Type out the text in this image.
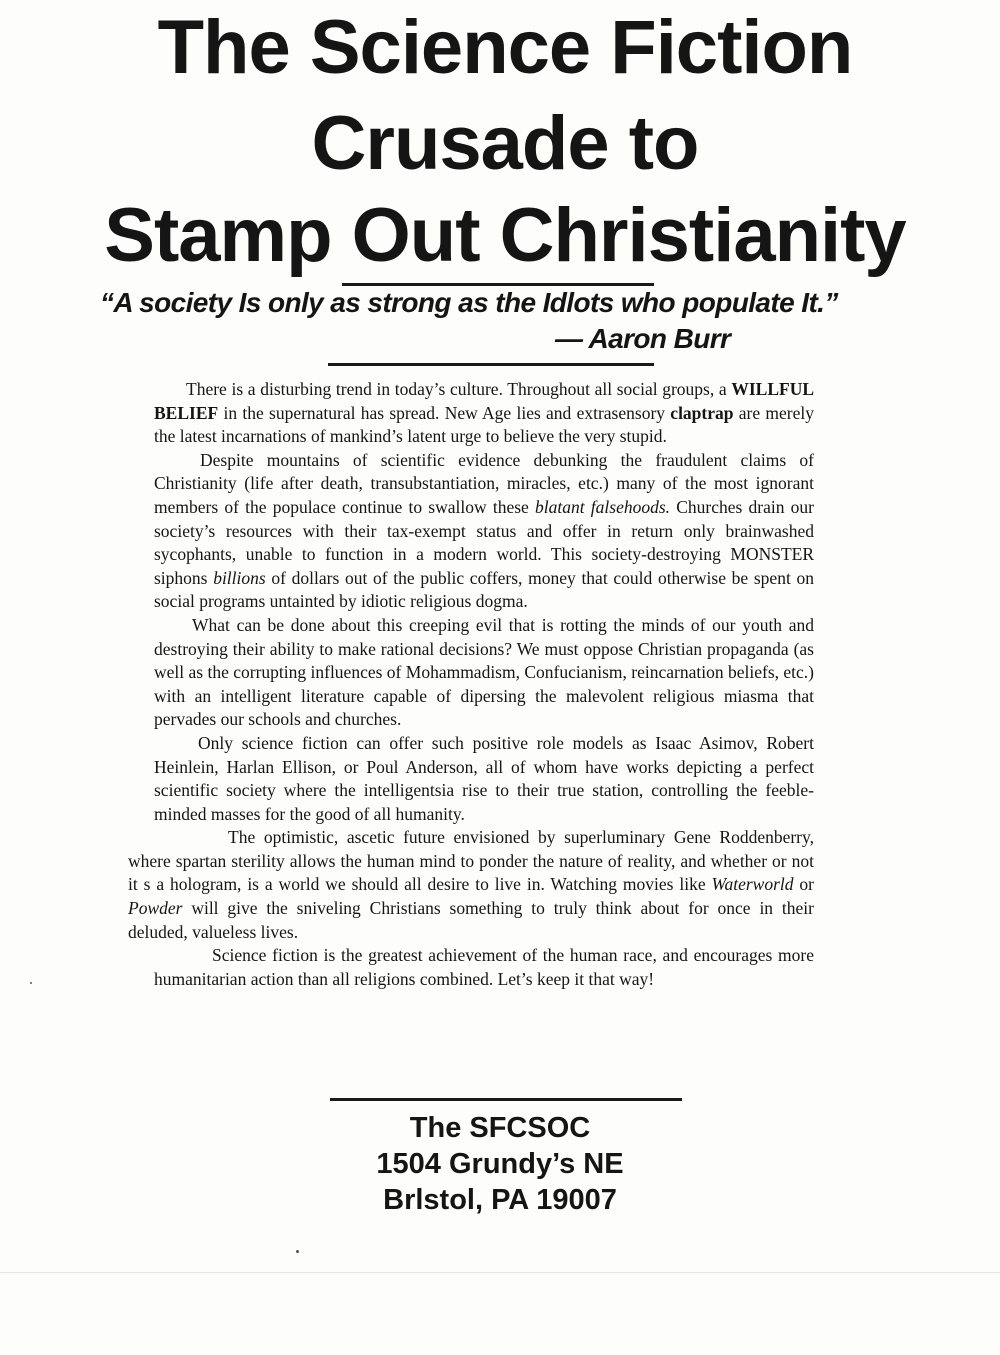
The Science Fiction
Crusade to
Stamp Out Christianity

“A society Is only as strong as the Idlots who populate It.”

— Aaron Burr

There is a disturbing trend in today’s culture. Throughout all social groups, a WILLFUL BELIEF in the supernatural has spread. New Age lies and extrasensory claptrap are merely the latest incarnations of mankind’s latent urge to believe the very stupid.

Despite mountains of scientific evidence debunking the fraudulent claims of Christianity (life after death, transubstantiation, miracles, etc.) many of the most ignorant members of the populace continue to swallow these blatant falsehoods. Churches drain our society’s resources with their tax-exempt status and offer in return only brainwashed sycophants, unable to function in a modern world. This society-destroying MONSTER siphons billions of dollars out of the public coffers, money that could otherwise be spent on social programs untainted by idiotic religious dogma.

What can be done about this creeping evil that is rotting the minds of our youth and destroying their ability to make rational decisions? We must oppose Christian propaganda (as well as the corrupting influences of Mohammadism, Confucianism, reincarnation beliefs, etc.) with an intelligent literature capable of dipersing the malevolent religious miasma that pervades our schools and churches.

Only science fiction can offer such positive role models as Isaac Asimov, Robert Heinlein, Harlan Ellison, or Poul Anderson, all of whom have works depicting a perfect scientific society where the intelligentsia rise to their true station, controlling the feeble-minded masses for the good of all humanity.

The optimistic, ascetic future envisioned by superluminary Gene Roddenberry, where spartan sterility allows the human mind to ponder the nature of reality, and whether or not it s a hologram, is a world we should all desire to live in. Watching movies like Waterworld or Powder will give the sniveling Christians something to truly think about for once in their deluded, valueless lives.

Science fiction is the greatest achievement of the human race, and encourages more humanitarian action than all religions combined. Let’s keep it that way!

The SFCSOC
1504 Grundy’s NE
Brlstol, PA 19007
